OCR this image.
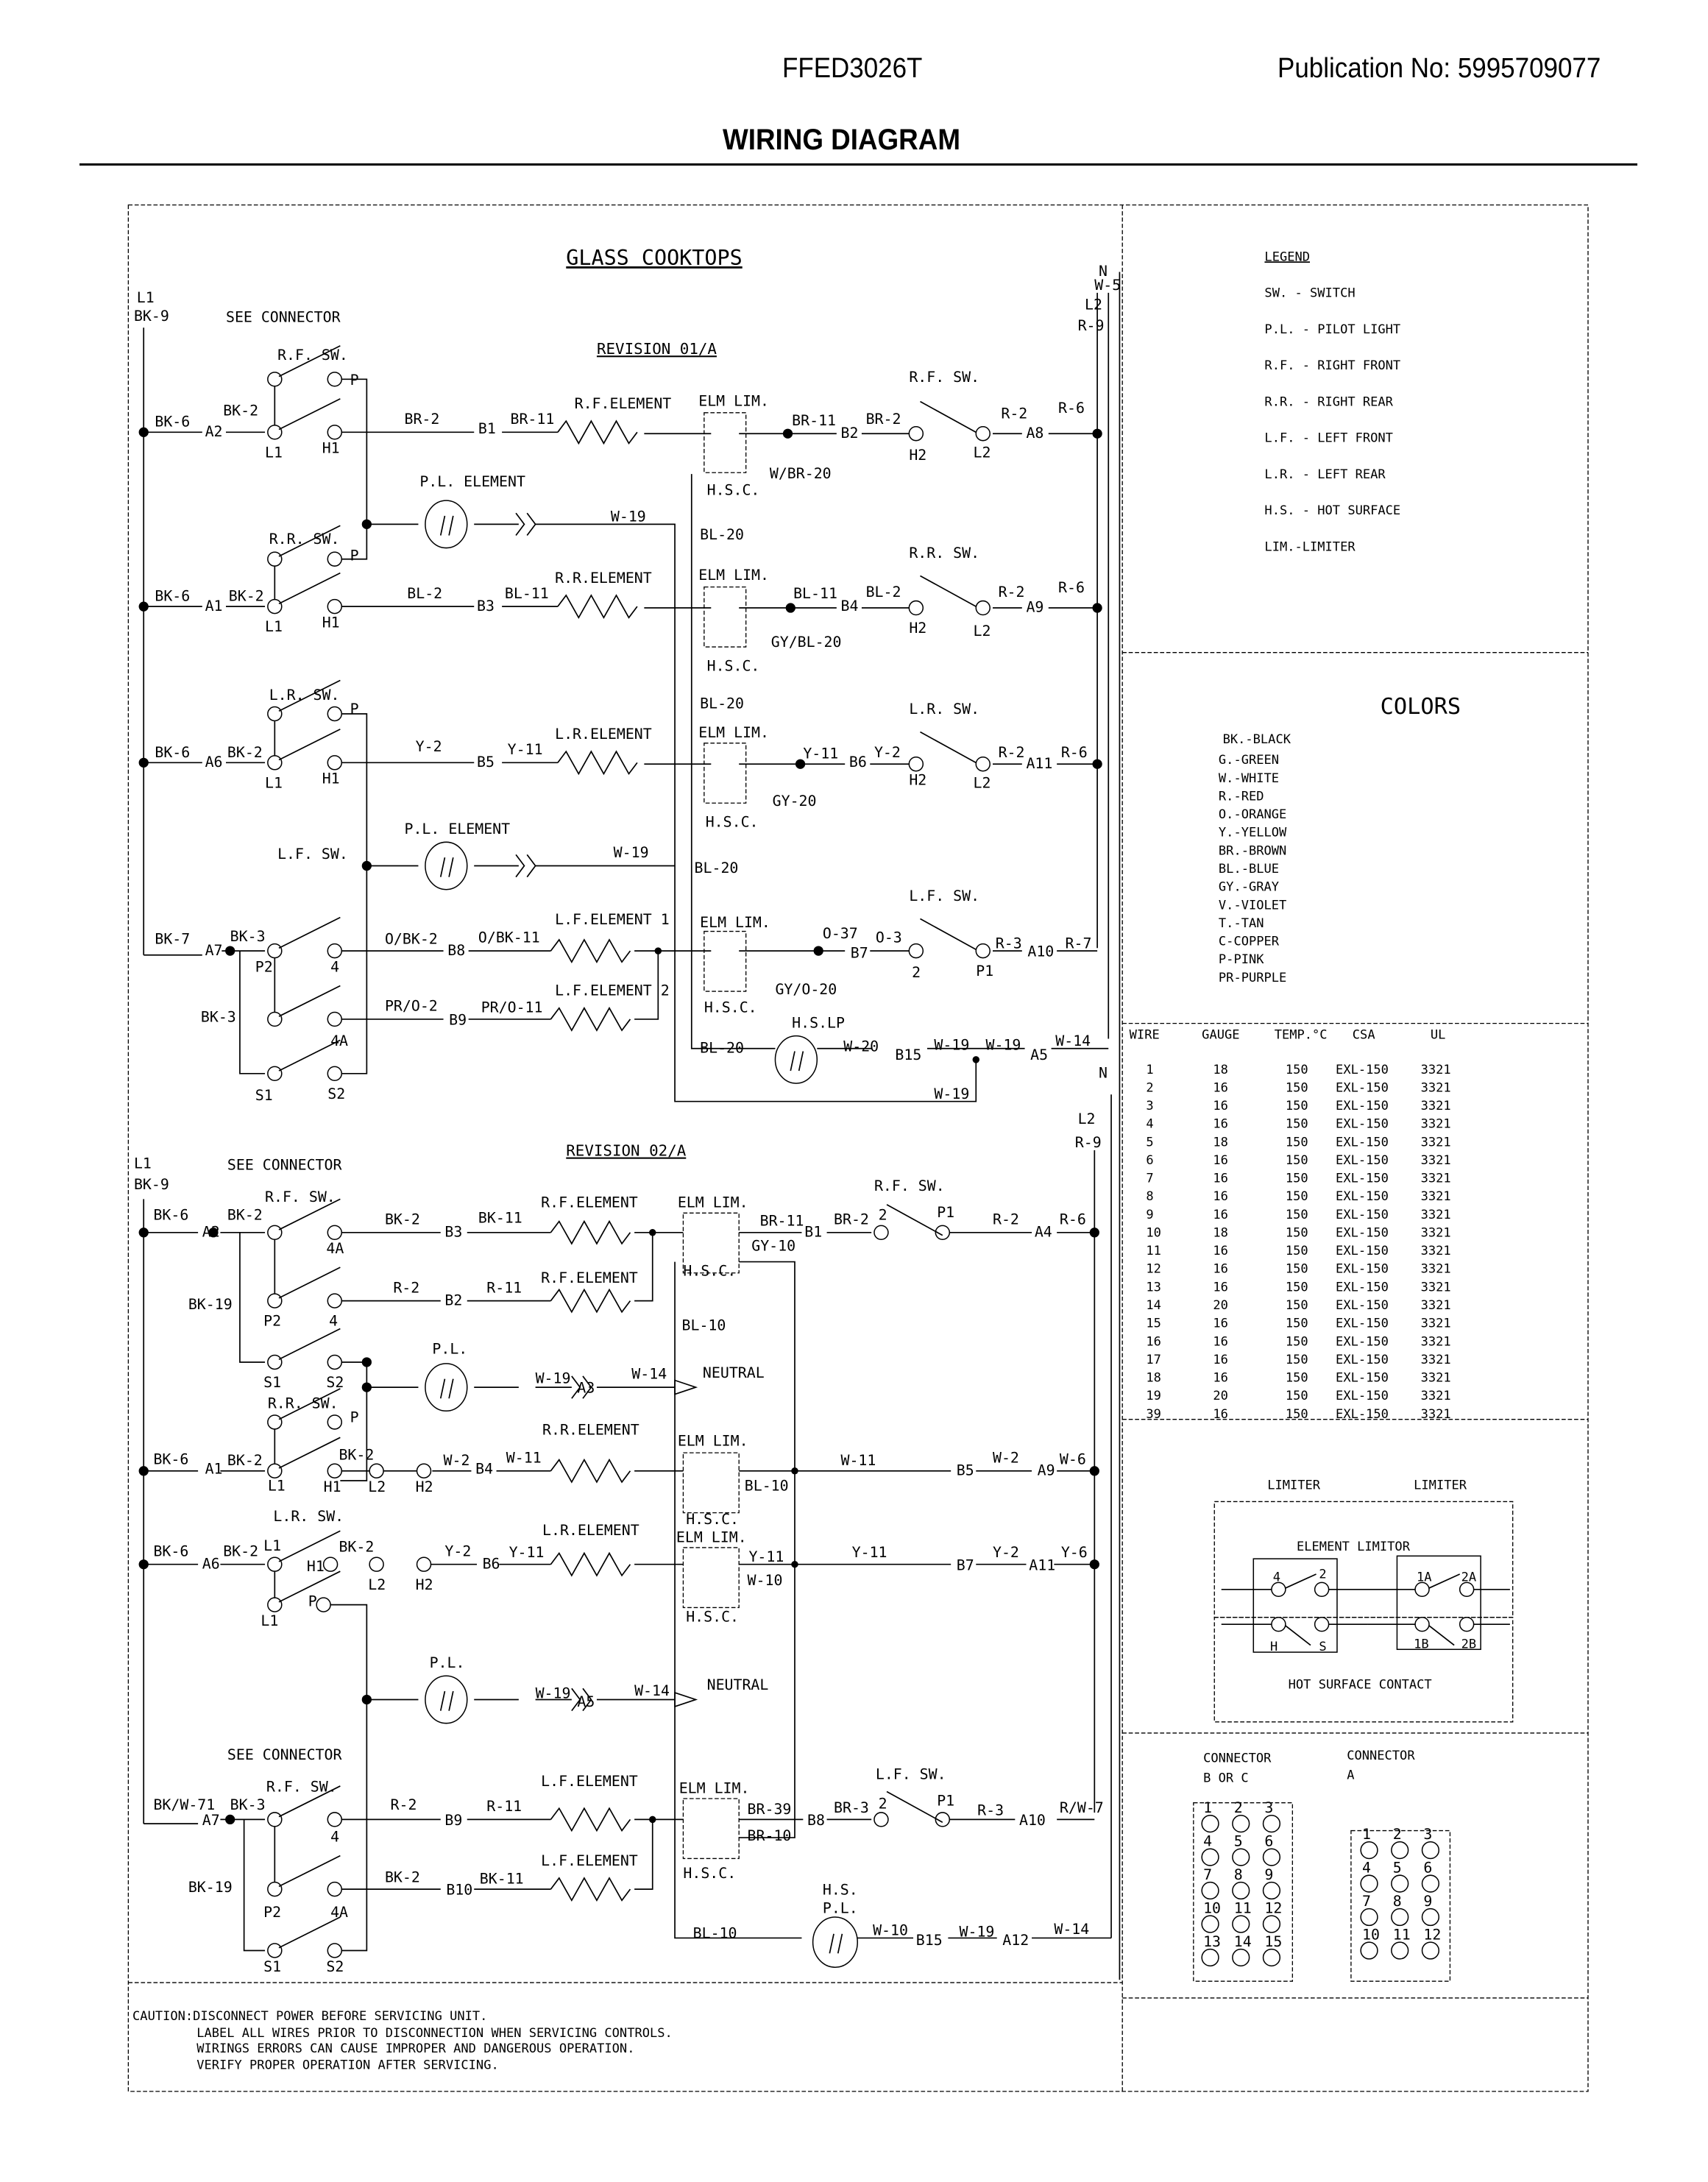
FFED3026T	Publication No: 5995709077
WIRING DIAGRAM
GLASS COOKTOPS
REVISION 01/A
REVISION 02/A
L1
BK-9	SEE CONNECTOR
R.F. SW.
P
BK-2
BK-6
A2
L1	H1
BR-2
B1
BR-11
R.F.ELEMENT	ELM LIM.
BR-11
B2
BR-2
R.F. SW.
H2	L2
R-2
A8
R-6
W/BR-20
H.S.C.
P.L. ELEMENT
W-19
BL-20
R.R. SW.
P
BK-6
A1
BK-2
L1	H1
BL-2
B3
BL-11
R.R.ELEMENT	ELM LIM.
BL-11
B4
BL-2
R.R. SW.
H2	L2
R-2
A9
R-6
GY/BL-20
H.S.C.
BL-20
L.R. SW.
P
BK-6
A6
BK-2
L1	H1
Y-2
B5
Y-11
L.R.ELEMENT	ELM LIM.
Y-11 B6
Y-2
L.R. SW.
H2	L2
R-2
A11
R-6
GY-20
H.S.C.
P.L. ELEMENT
W-19
BL-20
L.F. SW.
L.F. SW.
BK-7
A7
BK-3
P2	4
O/BK-2
B8
O/BK-11
L.F.ELEMENT 1	ELM LIM.
O-37
B7
O-3
2	P1
R-3 A10 R-7
GY/O-20
H.S.C.
BK-3
4A
PR/O-2
B9
PR/O-11
L.F.ELEMENT 2
H.S.LP
BL-20	W-20 B15
W-19 W-19
A5
W-14
W-19
S1	S2
N
W-5
L2
R-9
N
L2
R-9
L1
BK-9
SEE CONNECTOR
R.F. SW.
BK-6
A2
BK-2
4A
BK-2
B3
BK-11
R.F.ELEMENT	ELM LIM.
BR-11
B1
BR-2 2
R.F. SW.
P1	R-2
A4
R-6
GY-10
H.S.C.
R-2
B2
R-11
R.F.ELEMENT
BK-19
P2	4	BL-10
S1	S2
P.L.
W-19
A3
W-14	NEUTRAL
R.R. SW.
P
R.R.ELEMENT
ELM LIM.
BK-6
A1 BK-2	BK-2	W-2 B4
W-11
L1	H1	L2	H2
W-11
B5
W-2
A9
W-6
BL-10
H.S.C.
L.R. SW.
L.R.ELEMENT	ELM LIM.
BK-6
A6
BK-2 L1	BK-2
H1
L2	H2
Y-2
B6
Y-11	Y-11
W-10
Y-11
B7
Y-2
A11
Y-6
P
L1	H.S.C.
P.L.
W-19 A5
W-14	NEUTRAL
SEE CONNECTOR
R.F. SW.
BK/W-71
A7
BK-3
4
R-2
B9
R-11
L.F.ELEMENT	ELM LIM.
BR-39
B8
BR-3 2
L.F. SW.
P1
R-3
A10
R/W-7
BR-10
H.S.C.
L.F.ELEMENT
BK-19
BK-2
B10
BK-11
P2	4A
H.S.
P.L.
BL-10	W-10
B15 W-19 A12
W-14
S1	S2
CAUTION:DISCONNECT POWER BEFORE SERVICING UNIT.
LABEL ALL WIRES PRIOR TO DISCONNECTION WHEN SERVICING CONTROLS.
WIRINGS ERRORS CAN CAUSE IMPROPER AND DANGEROUS OPERATION.
VERIFY PROPER OPERATION AFTER SERVICING.
LEGEND
SW. - SWITCH
P.L. - PILOT LIGHT
R.F. - RIGHT FRONT
R.R. - RIGHT REAR
L.F. - LEFT FRONT
L.R. - LEFT REAR
H.S. - HOT SURFACE
LIM.-LIMITER
COLORS
BK.-BLACK
G.-GREEN
W.-WHITE
R.-RED
O.-ORANGE
Y.-YELLOW
BR.-BROWN
BL.-BLUE
GY.-GRAY
V.-VIOLET
T.-TAN
C-COPPER
P-PINK
PR-PURPLE
WIRE	GAUGE	TEMP.°C	CSA	UL
1	18	150	EXL-150	3321
2	16	150	EXL-150	3321
3	16	150	EXL-150	3321
4	16	150	EXL-150	3321
5	18	150	EXL-150	3321
6	16	150	EXL-150	3321
7	16	150	EXL-150	3321
8	16	150	EXL-150	3321
9	16	150	EXL-150	3321
10	18	150	EXL-150	3321
11	16	150	EXL-150	3321
12	16	150	EXL-150	3321
13	16	150	EXL-150	3321
14	20	150	EXL-150	3321
15	16	150	EXL-150	3321
16	16	150	EXL-150	3321
17	16	150	EXL-150	3321
18	16	150	EXL-150	3321
19	20	150	EXL-150	3321
39	16	150	EXL-150	3321
LIMITER	LIMITER
ELEMENT LIMITOR
HOT SURFACE CONTACT
4	2
H	S
1A	2A
1B	2B
CONNECTOR
B OR C
CONNECTOR
A
1	2	3
4	5	6
7	8	9
10 11 12
13 14 15
1	2	3
4	5	6
7	8	9
10 11 12
